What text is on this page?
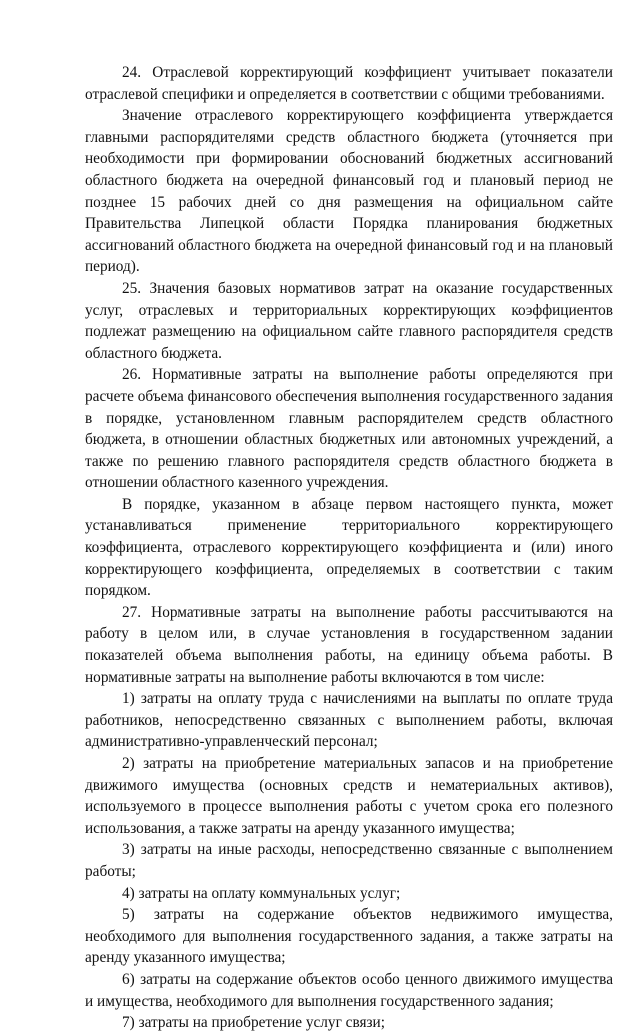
24. Отраслевой корректирующий коэффициент учитывает показатели
отраслевой специфики и определяется в соответствии с общими требованиями.
Значение отраслевого корректирующего коэффициента утверждается
главными распорядителями средств областного бюджета (уточняется при
необходимости при формировании обоснований бюджетных ассигнований
областного бюджета на очередной финансовый год и плановый период не
позднее 15 рабочих дней со дня размещения на официальном сайте
Правительства Липецкой области Порядка планирования бюджетных
ассигнований областного бюджета на очередной финансовый год и на плановый
период).
25. Значения базовых нормативов затрат на оказание государственных
услуг, отраслевых и территориальных корректирующих коэффициентов
подлежат размещению на официальном сайте главного распорядителя средств
областного бюджета.
26. Нормативные затраты на выполнение работы определяются при
расчете объема финансового обеспечения выполнения государственного задания
в порядке, установленном главным распорядителем средств областного
бюджета, в отношении областных бюджетных или автономных учреждений, а
также по решению главного распорядителя средств областного бюджета в
отношении областного казенного учреждения.
В порядке, указанном в абзаце первом настоящего пункта, может
устанавливаться применение территориального корректирующего
коэффициента, отраслевого корректирующего коэффициента и (или) иного
корректирующего коэффициента, определяемых в соответствии с таким
порядком.
27. Нормативные затраты на выполнение работы рассчитываются на
работу в целом или, в случае установления в государственном задании
показателей объема выполнения работы, на единицу объема работы. В
нормативные затраты на выполнение работы включаются в том числе:
1) затраты на оплату труда с начислениями на выплаты по оплате труда
работников, непосредственно связанных с выполнением работы, включая
административно-управленческий персонал;
2) затраты на приобретение материальных запасов и на приобретение
движимого имущества (основных средств и нематериальных активов),
используемого в процессе выполнения работы с учетом срока его полезного
использования, а также затраты на аренду указанного имущества;
3) затраты на иные расходы, непосредственно связанные с выполнением
работы;
4) затраты на оплату коммунальных услуг;
5) затраты на содержание объектов недвижимого имущества,
необходимого для выполнения государственного задания, а также затраты на
аренду указанного имущества;
6) затраты на содержание объектов особо ценного движимого имущества
и имущества, необходимого для выполнения государственного задания;
7) затраты на приобретение услуг связи;
